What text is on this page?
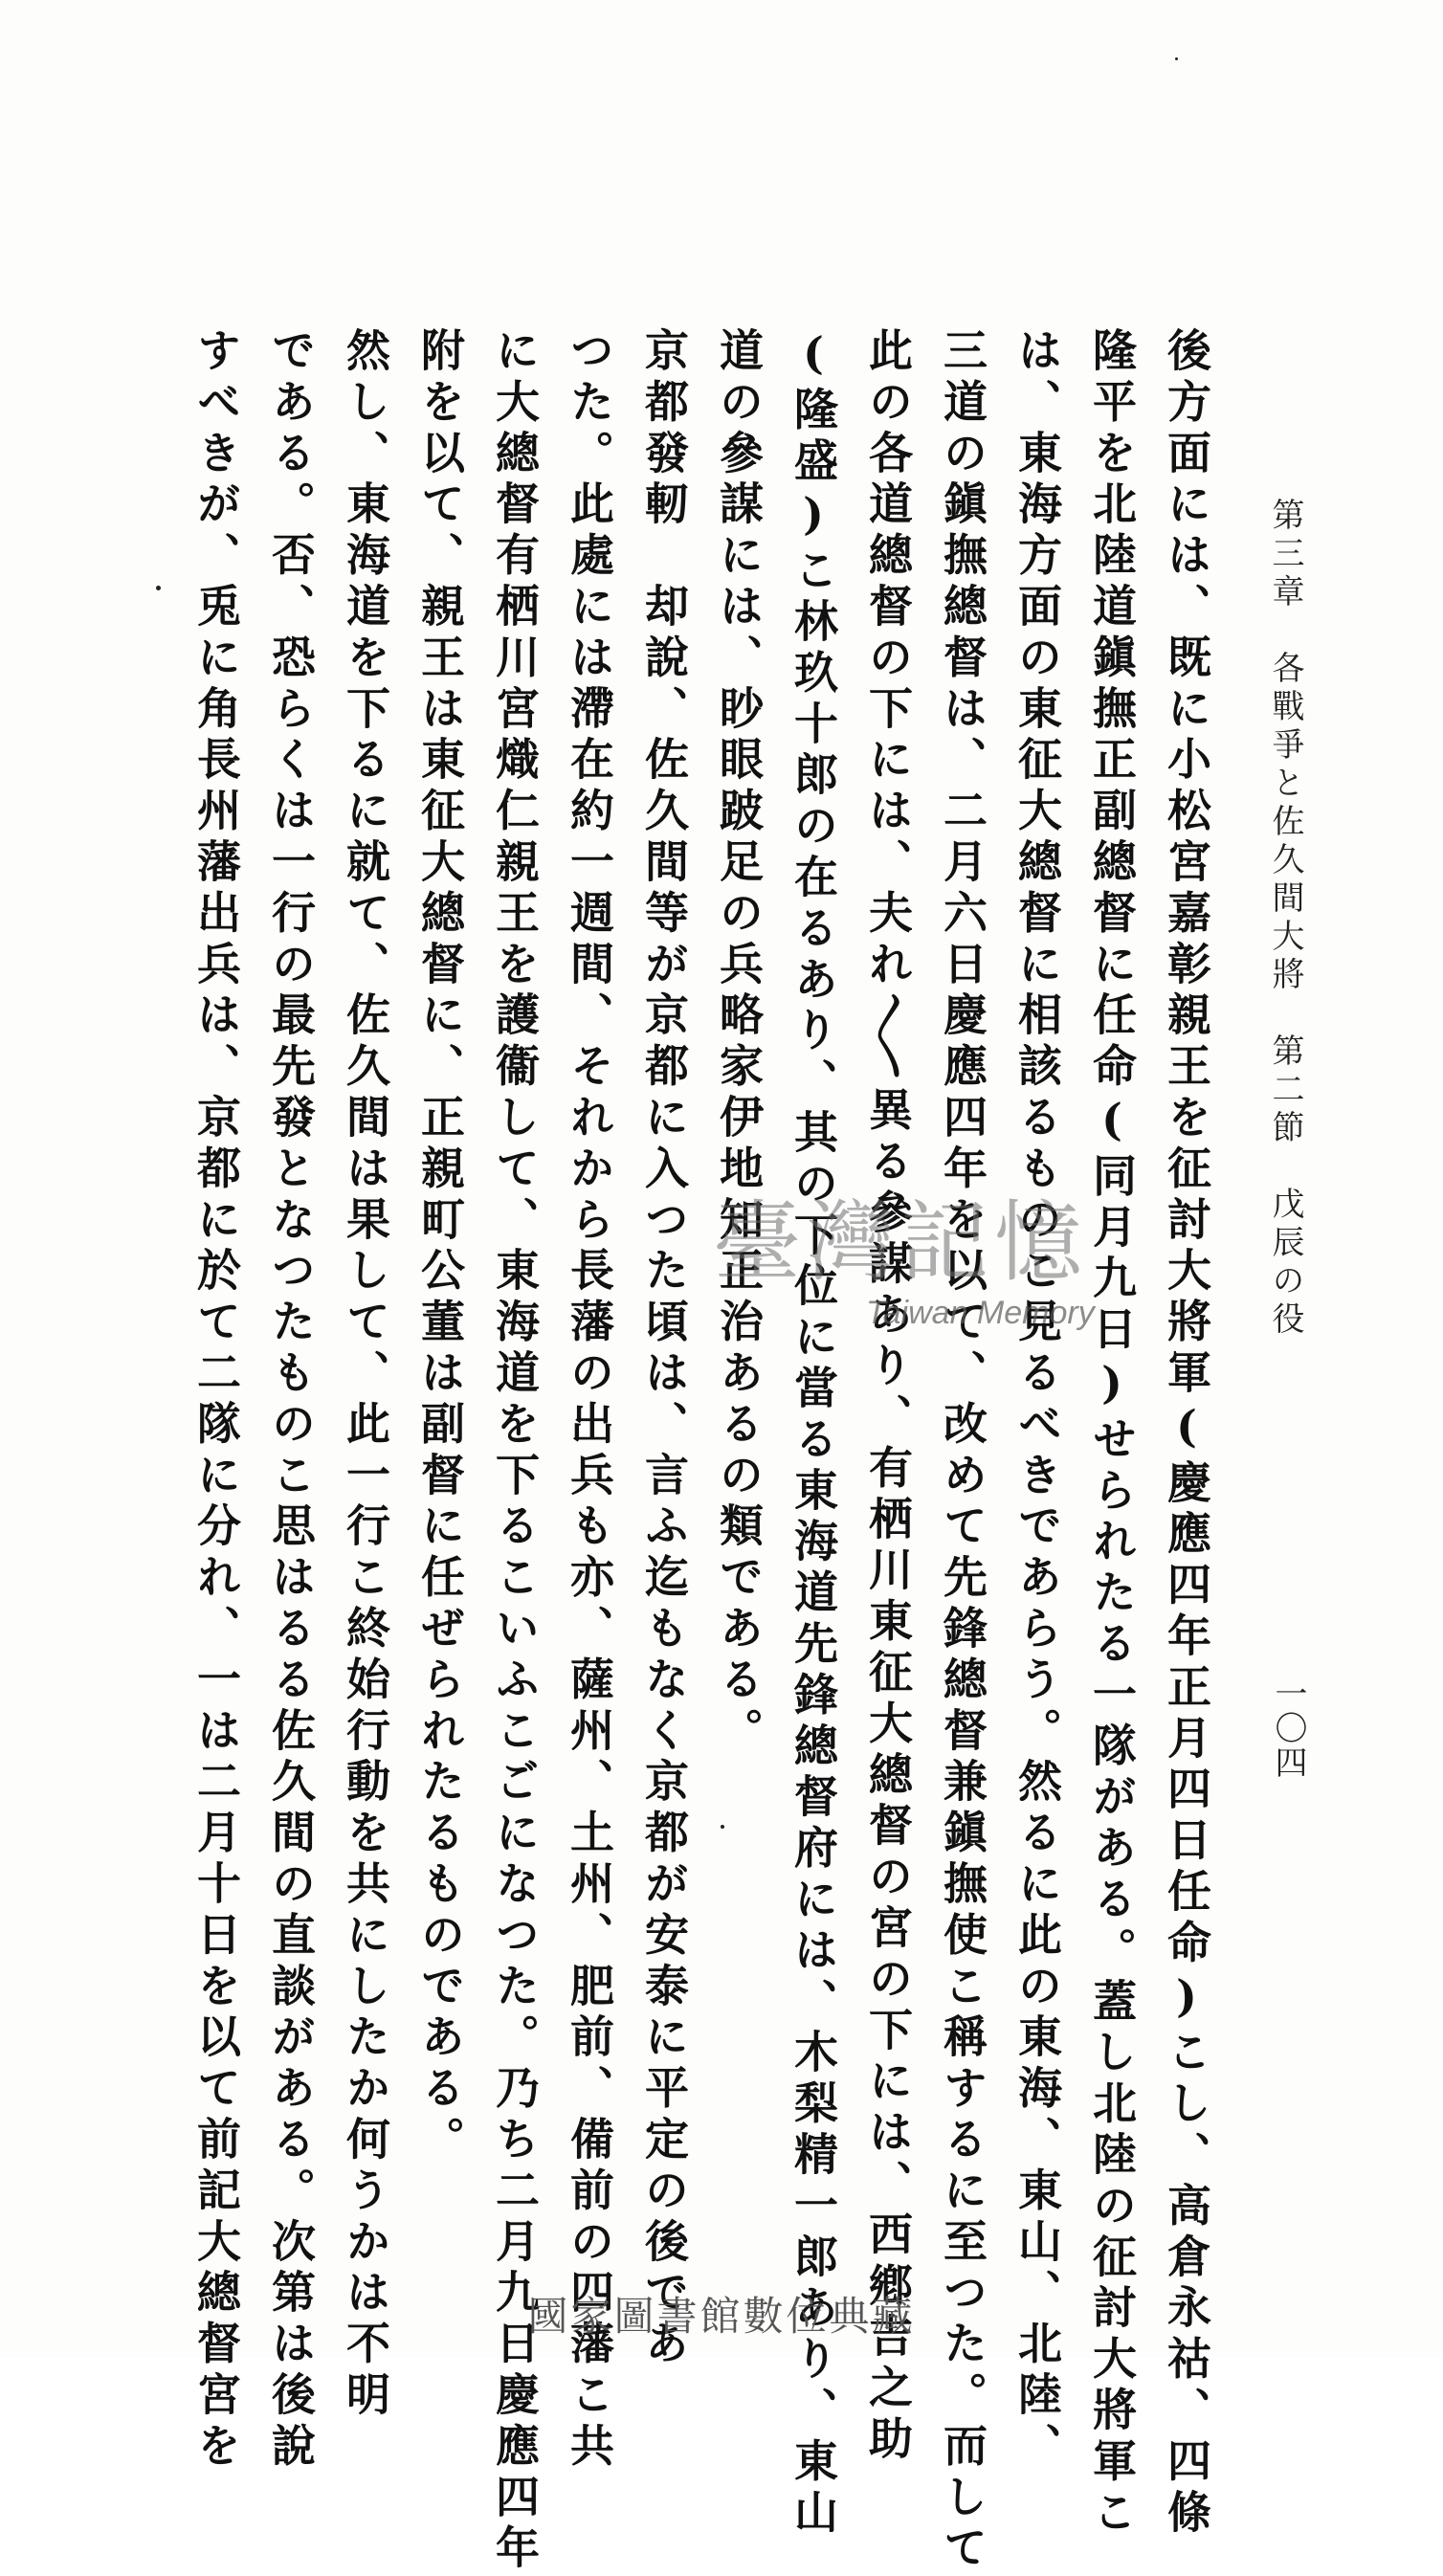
第三章　各戰爭と佐久間大將　第二節　戊辰の役
一〇四
後方面には、既に小松宮嘉彰親王を征討大將軍(慶應四年正月四日任命)こし、高倉永祜、四條
隆平を北陸道鎭撫正副總督に任命(同月九日)せられたる一隊がある。蓋し北陸の征討大將軍こ
は、東海方面の東征大總督に相該るものこ見るべきであらう。然るに此の東海、東山、北陸、
三道の鎭撫總督は、二月六日慶應四年を以て、改めて先鋒總督兼鎭撫使こ稱するに至つた。而して
此の各道總督の下には、夫れ〳〵異る參謀あり、有栖川東征大總督の宮の下には、西鄕吉之助
(隆盛)こ林玖十郎の在るあり、其の下位に當る東海道先鋒總督府には、木梨精一郎あり、東山
道の參謀には、眇眼跛足の兵略家伊地知正治あるの類である。
京都發軔　却說、佐久間等が京都に入つた頃は、言ふ迄もなく京都が安泰に平定の後であ
つた。此處には滯在約一週間、それから長藩の出兵も亦、薩州、土州、肥前、備前の四藩こ共
に大總督有栖川宮熾仁親王を護衞して、東海道を下るこいふこごになつた。乃ち二月九日慶應四年
附を以て、親王は東征大總督に、正親町公董は副督に任ぜられたるものである。
然し、東海道を下るに就て、佐久間は果して、此一行こ終始行動を共にしたか何うかは不明
である。否、恐らくは一行の最先發となつたものこ思はるる佐久間の直談がある。次第は後說
すべきが、兎に角長州藩出兵は、京都に於て二隊に分れ、一は二月十日を以て前記大總督宮を	臺灣記憶
Taiwan Memory
國家圖書館數位典藏
